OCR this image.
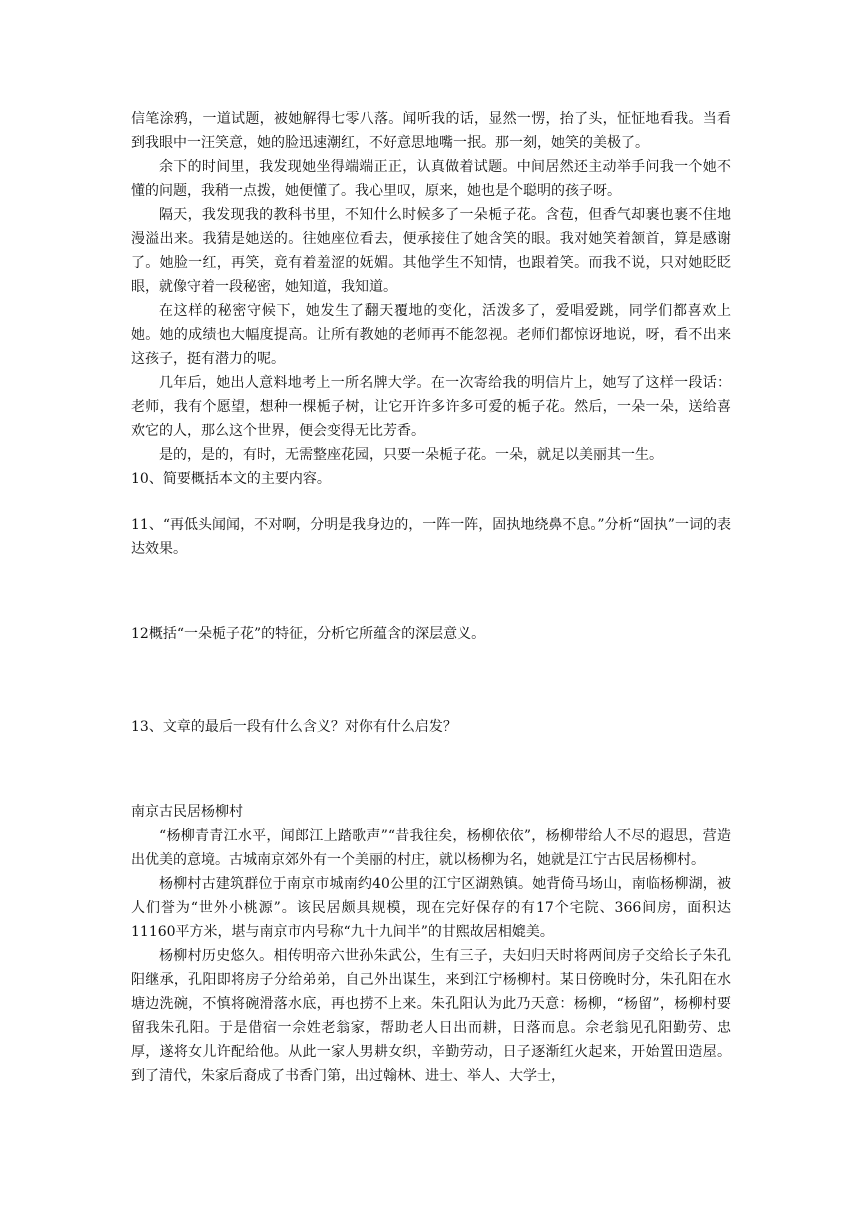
信笔涂鸦，一道试题，被她解得七零八落。闻听我的话，显然一愣，抬了头，怔怔地看我。当看到我眼中一汪笑意，她的脸迅速潮红，不好意思地嘴一抿。那一刻，她笑的美极了。

余下的时间里，我发现她坐得端端正正，认真做着试题。中间居然还主动举手问我一个她不懂的问题，我稍一点拨，她便懂了。我心里叹，原来，她也是个聪明的孩子呀。

隔天，我发现我的教科书里，不知什么时候多了一朵栀子花。含苞，但香气却裹也裹不住地漫溢出来。我猜是她送的。往她座位看去，便承接住了她含笑的眼。我对她笑着颔首，算是感谢了。她脸一红，再笑，竟有着羞涩的妩媚。其他学生不知情，也跟着笑。而我不说，只对她眨眨眼，就像守着一段秘密，她知道，我知道。

在这样的秘密守候下，她发生了翻天覆地的变化，活泼多了，爱唱爱跳，同学们都喜欢上她。她的成绩也大幅度提高。让所有教她的老师再不能忽视。老师们都惊讶地说，呀，看不出来这孩子，挺有潜力的呢。

几年后，她出人意料地考上一所名牌大学。在一次寄给我的明信片上，她写了这样一段话：老师，我有个愿望，想种一棵栀子树，让它开许多许多可爱的栀子花。然后，一朵一朵，送给喜欢它的人，那么这个世界，便会变得无比芳香。

是的，是的，有时，无需整座花园，只要一朵栀子花。一朵，就足以美丽其一生。

10、简要概括本文的主要内容。

11、“再低头闻闻，不对啊，分明是我身边的，一阵一阵，固执地绕鼻不息。”分析“固执”一词的表达效果。

12概括“一朵栀子花”的特征，分析它所蕴含的深层意义。

13、文章的最后一段有什么含义？对你有什么启发？

南京古民居杨柳村

“杨柳青青江水平，闻郎江上踏歌声”“昔我往矣，杨柳依依”，杨柳带给人不尽的遐思，营造出优美的意境。古城南京郊外有一个美丽的村庄，就以杨柳为名，她就是江宁古民居杨柳村。

杨柳村古建筑群位于南京市城南约40公里的江宁区湖熟镇。她背倚马场山，南临杨柳湖，被人们誉为“世外小桃源”。该民居颇具规模，现在完好保存的有17个宅院、366间房，面积达11160平方米，堪与南京市内号称“九十九间半”的甘熙故居相媲美。

杨柳村历史悠久。相传明帝六世孙朱武公，生有三子，夫妇归天时将两间房子交给长子朱孔阳继承，孔阳即将房子分给弟弟，自己外出谋生，来到江宁杨柳村。某日傍晚时分，朱孔阳在水塘边洗碗，不慎将碗滑落水底，再也捞不上来。朱孔阳认为此乃天意：杨柳，“杨留”，杨柳村要留我朱孔阳。于是借宿一佘姓老翁家，帮助老人日出而耕，日落而息。佘老翁见孔阳勤劳、忠厚，遂将女儿许配给他。从此一家人男耕女织，辛勤劳动，日子逐渐红火起来，开始置田造屋。到了清代，朱家后裔成了书香门第，出过翰林、进士、举人、大学士，
